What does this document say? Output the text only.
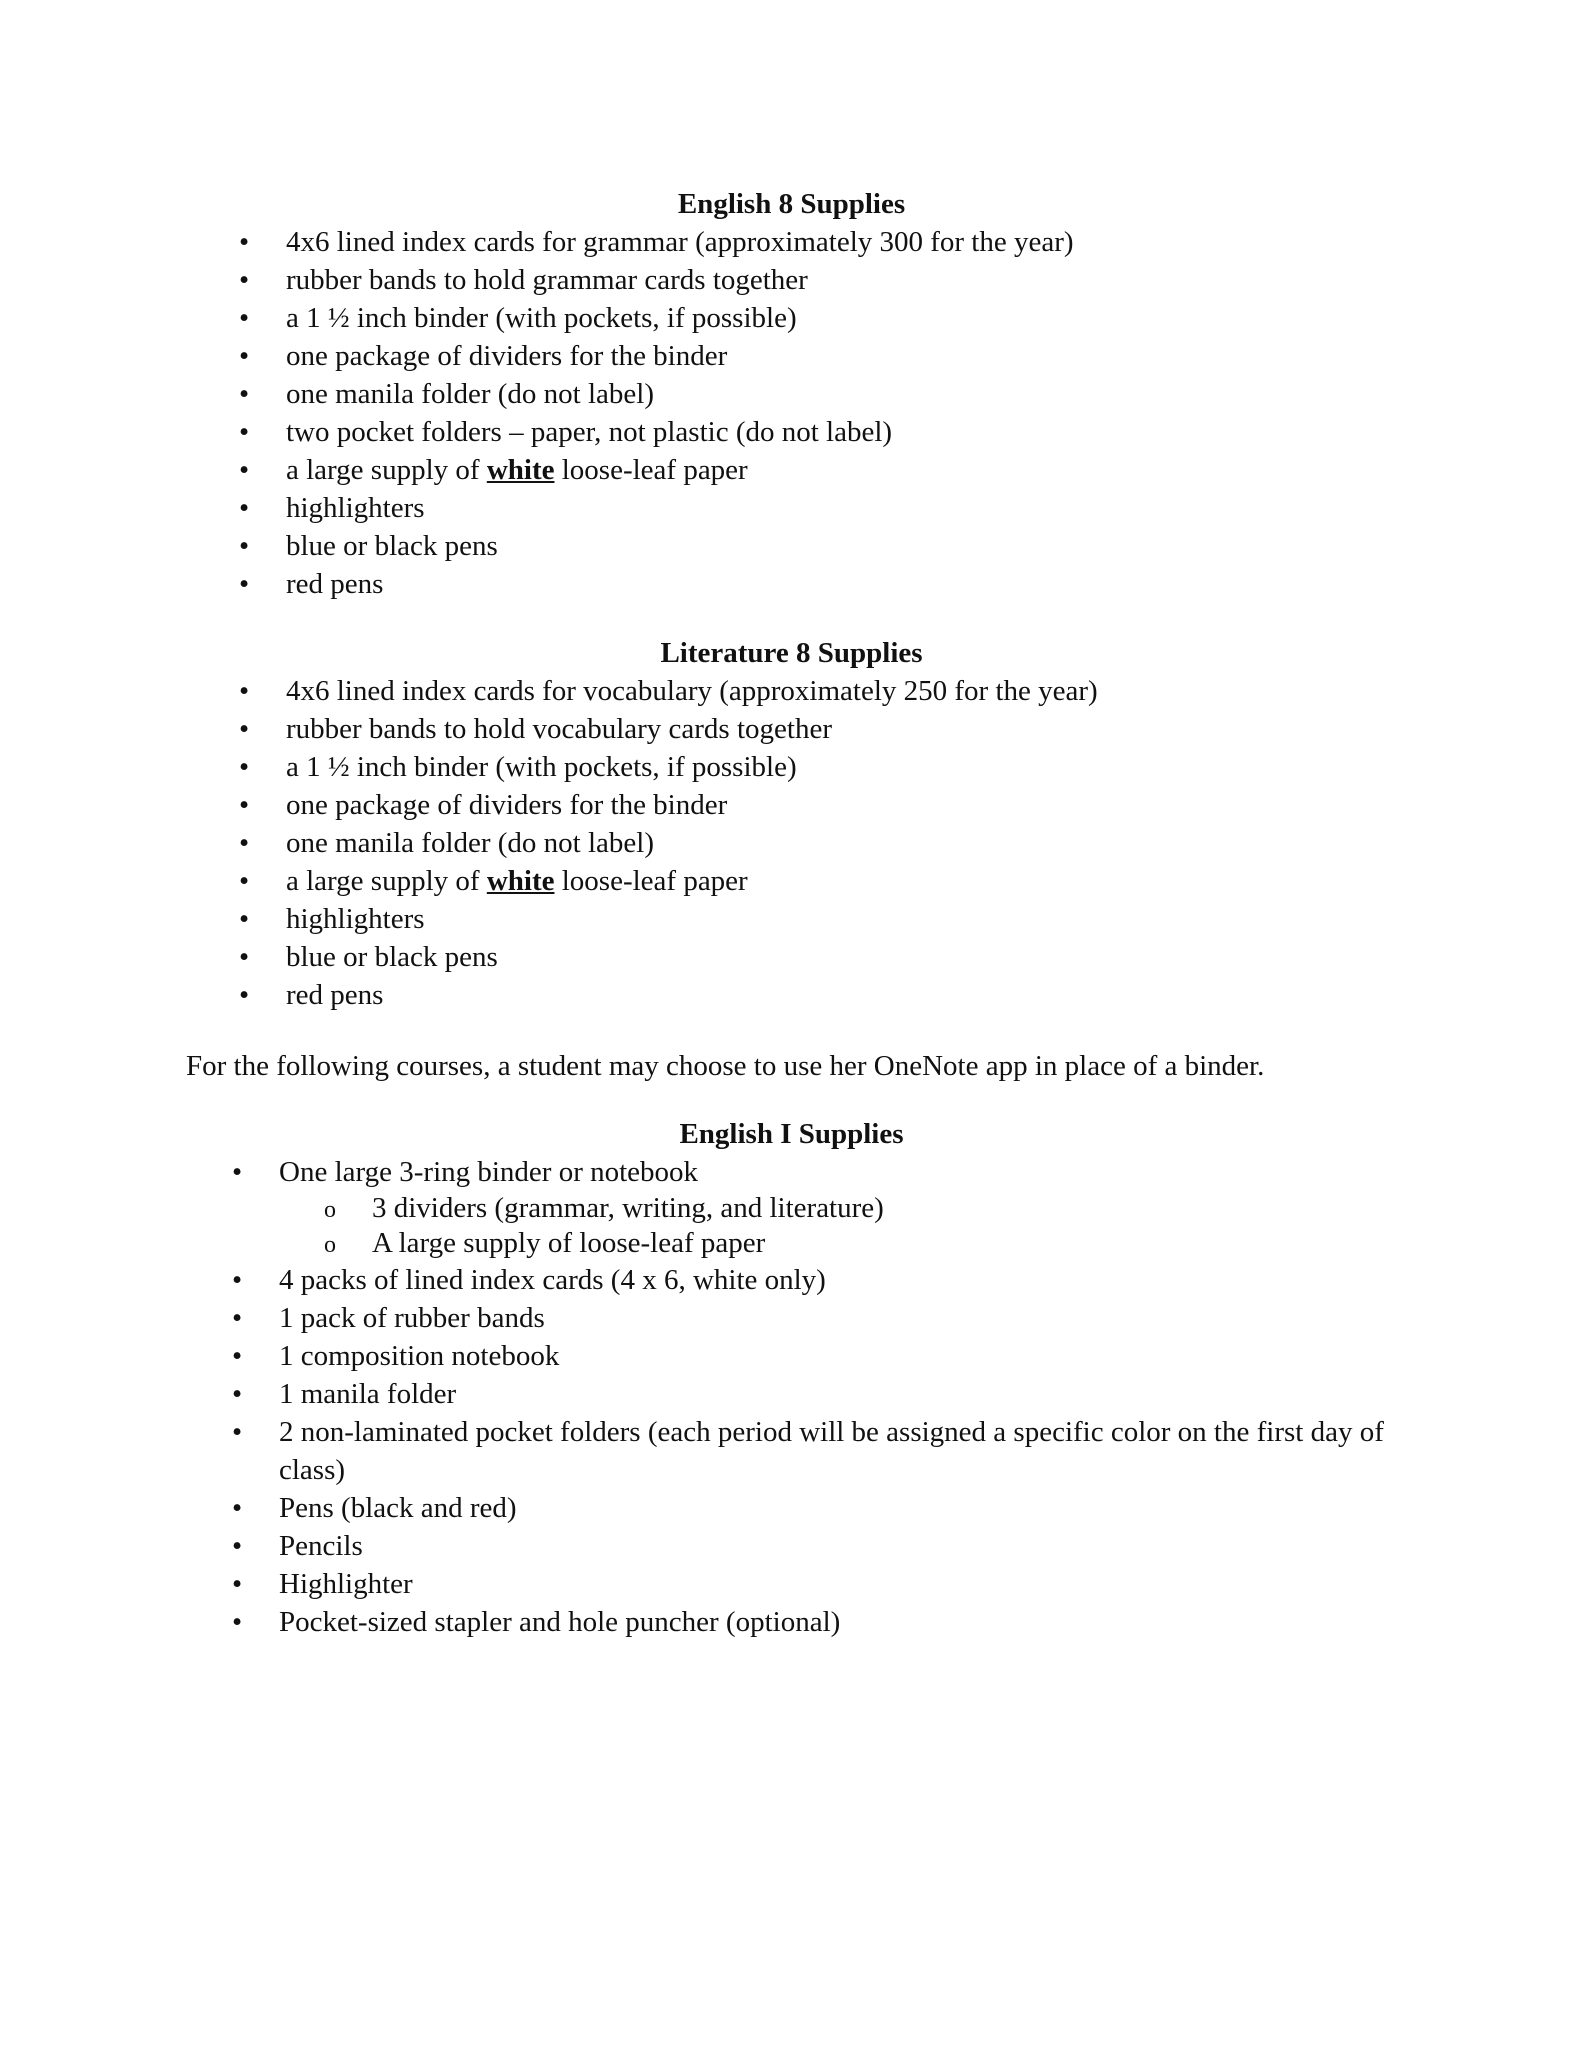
English 8 Supplies
• 4x6 lined index cards for grammar (approximately 300 for the year)
• rubber bands to hold grammar cards together
• a 1 ½ inch binder (with pockets, if possible)
• one package of dividers for the binder
• one manila folder (do not label)
• two pocket folders – paper, not plastic (do not label)
• a large supply of white loose-leaf paper
• highlighters
• blue or black pens
• red pens
Literature 8 Supplies
• 4x6 lined index cards for vocabulary (approximately 250 for the year)
• rubber bands to hold vocabulary cards together
• a 1 ½ inch binder (with pockets, if possible)
• one package of dividers for the binder
• one manila folder (do not label)
• a large supply of white loose-leaf paper
• highlighters
• blue or black pens
• red pens

For the following courses, a student may choose to use her OneNote app in place of a binder.

English I Supplies
• One large 3-ring binder or notebook
o 3 dividers (grammar, writing, and literature)
o A large supply of loose-leaf paper
• 4 packs of lined index cards (4 x 6, white only)
• 1 pack of rubber bands
• 1 composition notebook
• 1 manila folder
• 2 non-laminated pocket folders (each period will be assigned a specific color on the first day of class)
• Pens (black and red)
• Pencils
• Highlighter
• Pocket-sized stapler and hole puncher (optional)
